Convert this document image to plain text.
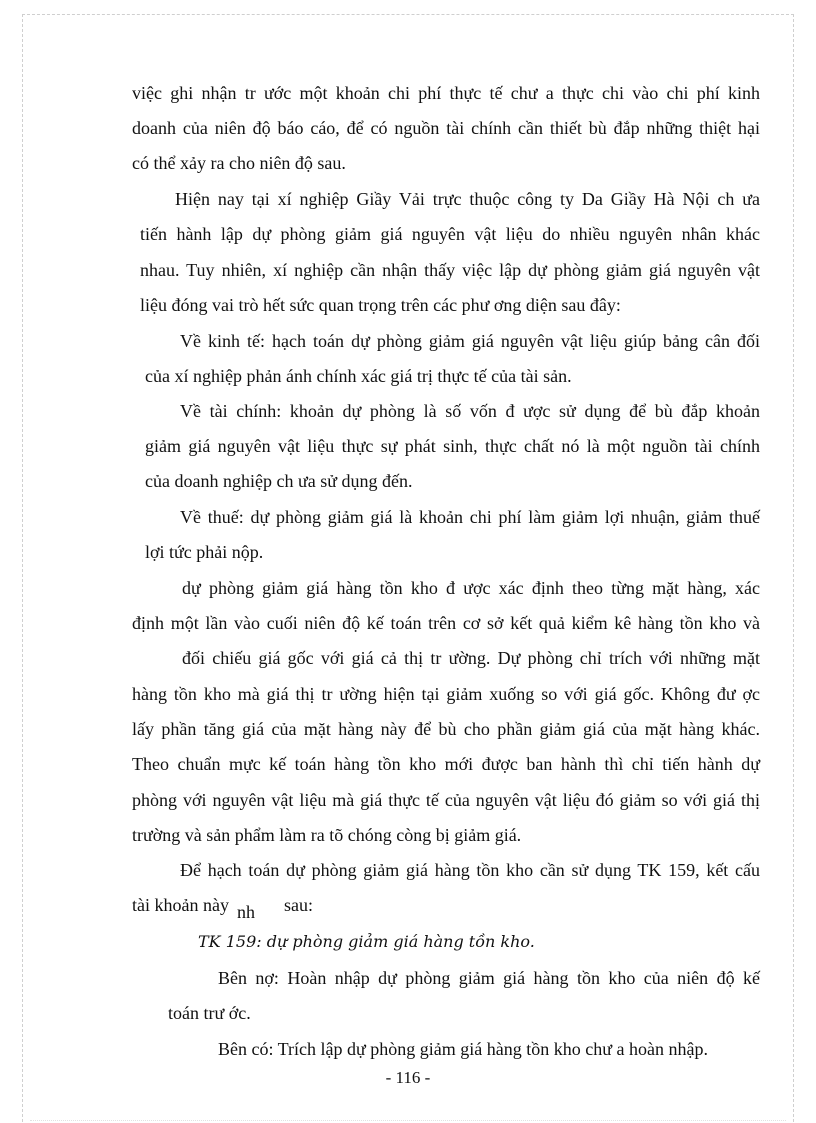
việc ghi nhận tr ước một khoản chi phí thực tế chư a thực chi vào chi phí kinh
doanh của niên độ báo cáo, để có nguồn tài chính cần thiết bù đắp những thiệt hại
có thể xảy ra cho niên độ sau.
Hiện nay tại xí nghiệp Giầy Vải trực thuộc công ty Da Giầy Hà Nội ch ưa
tiến hành lập dự phòng giảm giá nguyên vật liệu do nhiều nguyên nhân khác
nhau. Tuy nhiên, xí nghiệp cần nhận thấy việc lập dự phòng giảm giá nguyên vật
liệu đóng vai trò hết sức quan trọng trên các phư ơng diện sau đây:
Về kinh tế: hạch toán dự phòng giảm giá nguyên vật liệu giúp bảng cân đối
của xí nghiệp phản ánh chính xác giá trị thực tế của tài sản.
Về tài chính: khoản dự phòng là số vốn đ ược sử dụng để bù đắp khoản
giảm giá nguyên vật liệu thực sự phát sinh, thực chất nó là một nguồn tài chính
của doanh nghiệp ch ưa sử dụng đến.
Về thuế: dự phòng giảm giá là khoản chi phí làm giảm lợi nhuận, giảm thuế
lợi tức phải nộp.
dự phòng giảm giá hàng tồn kho đ ược xác định theo từng mặt hàng, xác
định một lần vào cuối niên độ kế toán trên cơ sở kết quả kiểm kê hàng tồn kho và
đối chiếu giá gốc với giá cả thị tr ường. Dự phòng chỉ trích với những mặt
hàng tồn kho mà giá thị tr ường hiện tại giảm xuống so với giá gốc. Không đư ợc
lấy phần tăng giá của mặt hàng này để bù cho phần giảm giá của mặt hàng khác.
Theo chuẩn mực kế toán hàng tồn kho mới được ban hành thì chỉ tiến hành dự
phòng với nguyên vật liệu mà giá thực tế của nguyên vật liệu đó giảm so với giá thị
trường và sản phẩm làm ra tõ chóng còng bị giảm giá.
Để hạch toán dự phòng giảm giá hàng tồn kho cần sử dụng TK 159, kết cấu
tài khoản này nh sau:
TK 159: dự phòng giảm giá hàng tồn kho.
Bên nợ: Hoàn nhập dự phòng giảm giá hàng tồn kho của niên độ kế
toán trư ớc.
Bên có: Trích lập dự phòng giảm giá hàng tồn kho chư a hoàn nhập.
- 116 -
